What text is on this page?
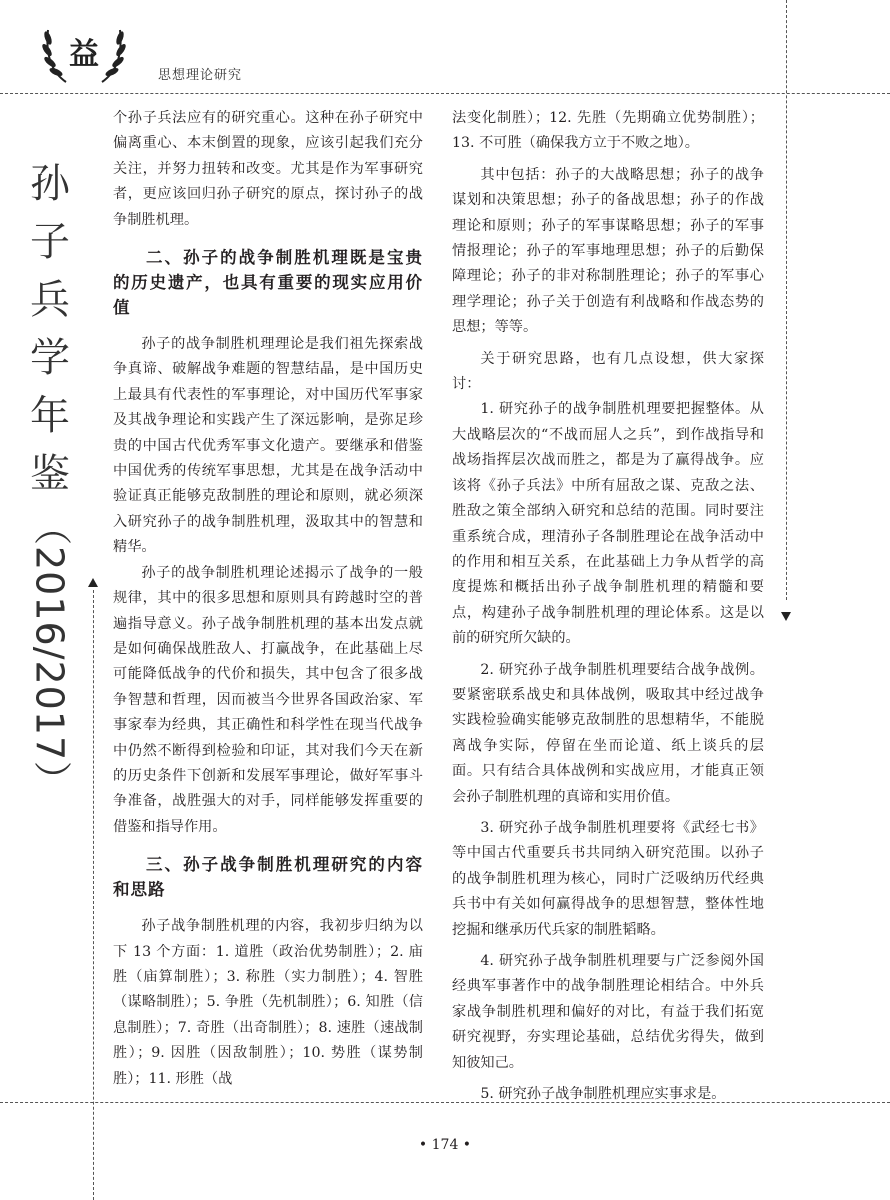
益
思想理论研究
孙子兵学年鉴
（2016/2017）

个孙子兵法应有的研究重心。这种在孙子研究中偏离重心、本末倒置的现象，应该引起我们充分关注，并努力扭转和改变。尤其是作为军事研究者，更应该回归孙子研究的原点，探讨孙子的战争制胜机理。

二、孙子的战争制胜机理既是宝贵的历史遗产，也具有重要的现实应用价值

孙子的战争制胜机理理论是我们祖先探索战争真谛、破解战争难题的智慧结晶，是中国历史上最具有代表性的军事理论，对中国历代军事家及其战争理论和实践产生了深远影响，是弥足珍贵的中国古代优秀军事文化遗产。要继承和借鉴中国优秀的传统军事思想，尤其是在战争活动中验证真正能够克敌制胜的理论和原则，就必须深入研究孙子的战争制胜机理，汲取其中的智慧和精华。

孙子的战争制胜机理论述揭示了战争的一般规律，其中的很多思想和原则具有跨越时空的普遍指导意义。孙子战争制胜机理的基本出发点就是如何确保战胜敌人、打赢战争，在此基础上尽可能降低战争的代价和损失，其中包含了很多战争智慧和哲理，因而被当今世界各国政治家、军事家奉为经典，其正确性和科学性在现当代战争中仍然不断得到检验和印证，其对我们今天在新的历史条件下创新和发展军事理论，做好军事斗争准备，战胜强大的对手，同样能够发挥重要的借鉴和指导作用。

三、孙子战争制胜机理研究的内容和思路

孙子战争制胜机理的内容，我初步归纳为以下 13 个方面：1. 道胜（政治优势制胜）；2. 庙胜（庙算制胜）；3. 称胜（实力制胜）；4. 智胜（谋略制胜）；5. 争胜（先机制胜）；6. 知胜（信息制胜）；7. 奇胜（出奇制胜）；8. 速胜（速战制胜）；9. 因胜（因敌制胜）；10. 势胜（谋势制胜）；11. 形胜（战

法变化制胜）；12. 先胜（先期确立优势制胜）；13. 不可胜（确保我方立于不败之地）。

其中包括：孙子的大战略思想；孙子的战争谋划和决策思想；孙子的备战思想；孙子的作战理论和原则；孙子的军事谋略思想；孙子的军事情报理论；孙子的军事地理思想；孙子的后勤保障理论；孙子的非对称制胜理论；孙子的军事心理学理论；孙子关于创造有利战略和作战态势的思想；等等。

关于研究思路，也有几点设想，供大家探讨：

1. 研究孙子的战争制胜机理要把握整体。从大战略层次的“不战而屈人之兵”，到作战指导和战场指挥层次战而胜之，都是为了赢得战争。应该将《孙子兵法》中所有屈敌之谋、克敌之法、胜敌之策全部纳入研究和总结的范围。同时要注重系统合成，理清孙子各制胜理论在战争活动中的作用和相互关系，在此基础上力争从哲学的高度提炼和概括出孙子战争制胜机理的精髓和要点，构建孙子战争制胜机理的理论体系。这是以前的研究所欠缺的。

2. 研究孙子战争制胜机理要结合战争战例。要紧密联系战史和具体战例，吸取其中经过战争实践检验确实能够克敌制胜的思想精华，不能脱离战争实际，停留在坐而论道、纸上谈兵的层面。只有结合具体战例和实战应用，才能真正领会孙子制胜机理的真谛和实用价值。

3. 研究孙子战争制胜机理要将《武经七书》等中国古代重要兵书共同纳入研究范围。以孙子的战争制胜机理为核心，同时广泛吸纳历代经典兵书中有关如何赢得战争的思想智慧，整体性地挖掘和继承历代兵家的制胜韬略。

4. 研究孙子战争制胜机理要与广泛参阅外国经典军事著作中的战争制胜理论相结合。中外兵家战争制胜机理和偏好的对比，有益于我们拓宽研究视野，夯实理论基础，总结优劣得失，做到知彼知己。

5. 研究孙子战争制胜机理应实事求是。

• 174 •
